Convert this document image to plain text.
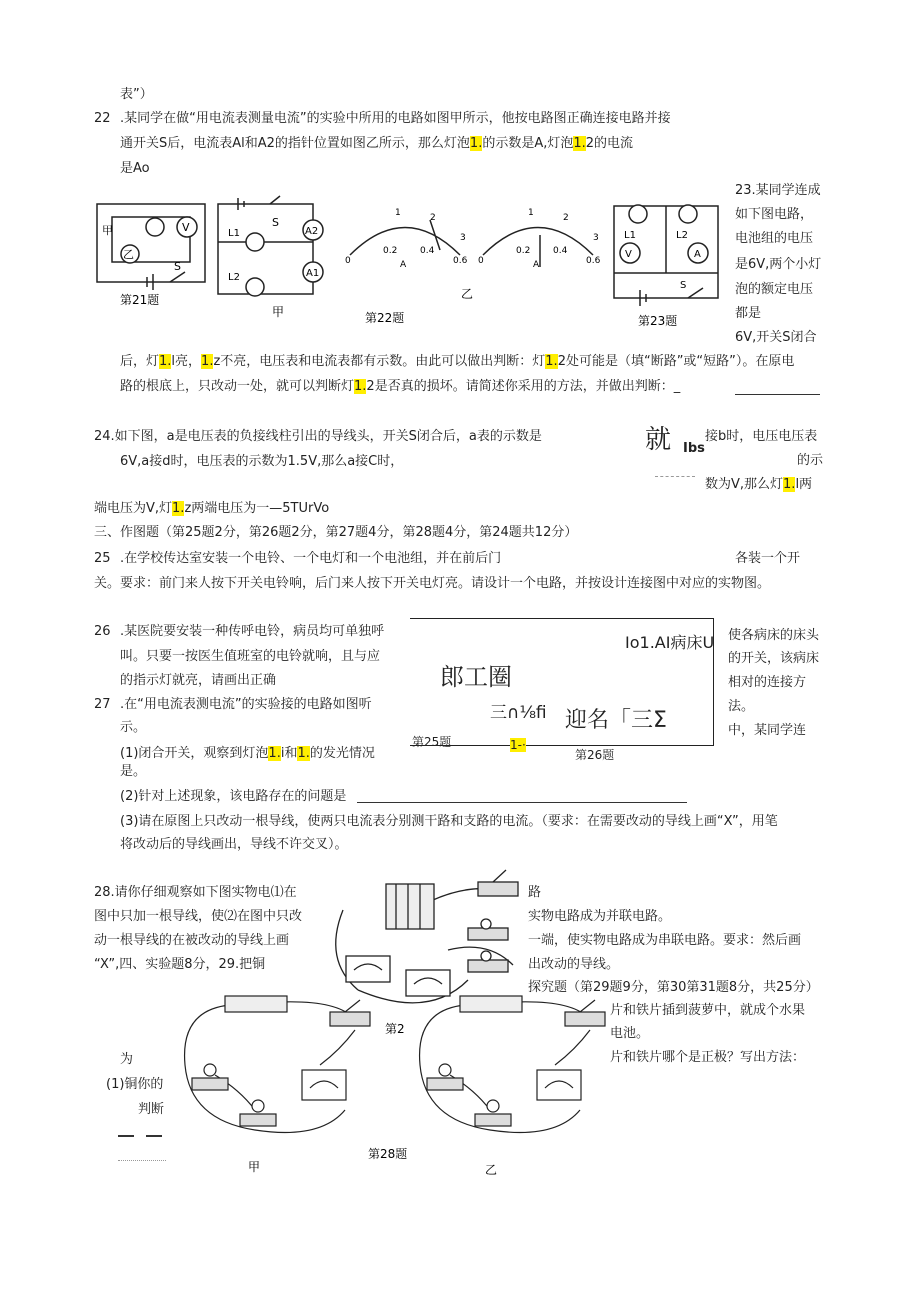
表”）
22 .某同学在做“用电流表测量电流”的实验中所用的电路如图甲所示，他按电路图正确连接电路并接
通开关S后，电流表Al和A2的指针位置如图乙所示，那么灯泡1.的示数是A,灯泡1.2的电流
是Ao
甲
乙
V
S
第21题
S
A2
A1
L1
L2
甲
0
0.2	0.4
0.6
1	2
3
A	0
0.2	0.4
0.6
1	2
3
A
第22题
乙
L1	L2
V	A
S
第23题
23.某同学连成
如下图电路，
电池组的电压
是6V,两个小灯
泡的额定电压
都是
6V,开关S闭合
后，灯1.l亮，1.z不亮，电压表和电流表都有示数。由此可以做出判断：灯1.2处可能是（填“断路”或“短路”）。在原电
路的根底上，只改动一处，就可以判断灯1.2是否真的损坏。请简述你采用的方法，并做出判断：_
24.如下图，a是电压表的负接线柱引出的导线头，开关S闭合后，a表的示数是
6V,a接d时，电压表的示数为1.5V,那么a接C时，
就 Ibs
接b时，电压电压表
的示
数为V,那么灯1.l两
端电压为V,灯1.z两端电压为一—5TUrVo
三、作图题（第25题2分，第26题2分，第27题4分，第28题4分，第24题共12分）
25 .在学校传达室安装一个电铃、一个电灯和一个电池组，并在前后门	各装一个开
关。要求：前门来人按下开关电铃响，后门来人按下开关电灯亮。请设计一个电路，并按设计连接图中对应的实物图。
26 .某医院要安装一种传呼电铃，病员均可单独呼
叫。只要一按医生值班室的电铃就响，且与应
的指示灯就亮，请画出正确
Io1.AI病床U
郎工圈
三∩⅛fi 迎名「三Σ
第25题	1-·
第26题
使各病床的床头
的开关，该病床
相对的连接方
法。
中，某同学连
27 .在“用电流表测电流”的实验接的电路如图听
示。
(1)闭合开关，观察到灯泡1.i和1.的发光情况
是。
(2)针对上述现象，该电路存在的问题是
(3)请在原图上只改动一根导线，使两只电流表分别测干路和支路的电流。（要求：在需要改动的导线上画“X”，用笔
将改动后的导线画出，导线不许交叉）。
28.请你仔细观察如下图实物电⑴在
图中只加一根导线，使⑵在图中只改
动一根导线的在被改动的导线上画
“X”,四、实验题8分，29.把铜
路
实物电路成为并联电路。
一端，使实物电路成为串联电路。要求：然后画
出改动的导线。
探究题（第29题9分，第30第31题8分，共25分）
片和铁片插到菠萝中，就成个水果
电池。
片和铁片哪个是正极？写出方法：
为
(1)铜你的
判断
第2
甲	乙
第28题
